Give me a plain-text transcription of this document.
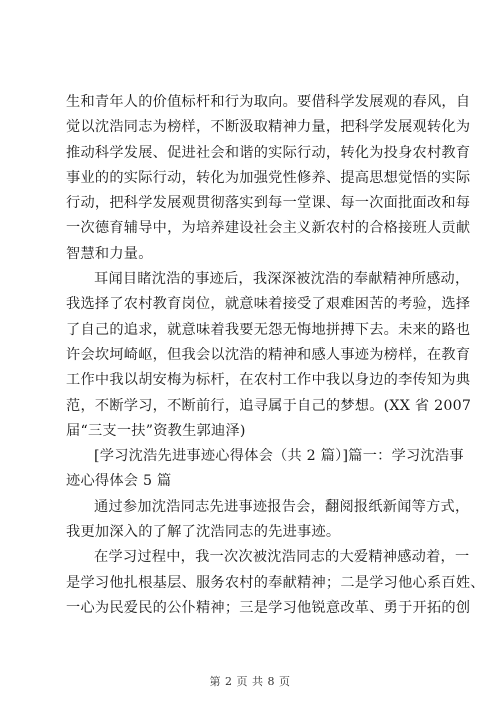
生和青年人的价值标杆和行为取向。要借科学发展观的春风，自

觉以沈浩同志为榜样，不断汲取精神力量，把科学发展观转化为

推动科学发展、促进社会和谐的实际行动，转化为投身农村教育

事业的的实际行动，转化为加强党性修养、提高思想觉悟的实际

行动，把科学发展观贯彻落实到每一堂课、每一次面批面改和每

一次德育辅导中，为培养建设社会主义新农村的合格接班人贡献

智慧和力量。

耳闻目睹沈浩的事迹后，我深深被沈浩的奉献精神所感动，

我选择了农村教育岗位，就意味着接受了艰难困苦的考验，选择

了自己的追求，就意味着我要无怨无悔地拼搏下去。未来的路也

许会坎坷崎岖，但我会以沈浩的精神和感人事迹为榜样，在教育

工作中我以胡安梅为标杆，在农村工作中我以身边的李传知为典

范，不断学习，不断前行，追寻属于自己的梦想。(XX 省 2007

届“三支一扶”资教生郭迪泽)

[学习沈浩先进事迹心得体会（共 2 篇）]篇一：学习沈浩事

迹心得体会 5 篇

通过参加沈浩同志先进事迹报告会，翻阅报纸新闻等方式，

我更加深入的了解了沈浩同志的先进事迹。

在学习过程中，我一次次被沈浩同志的大爱精神感动着，一

是学习他扎根基层、服务农村的奉献精神；二是学习他心系百姓、

一心为民爱民的公仆精神；三是学习他锐意改革、勇于开拓的创

第 2 页 共 8 页
